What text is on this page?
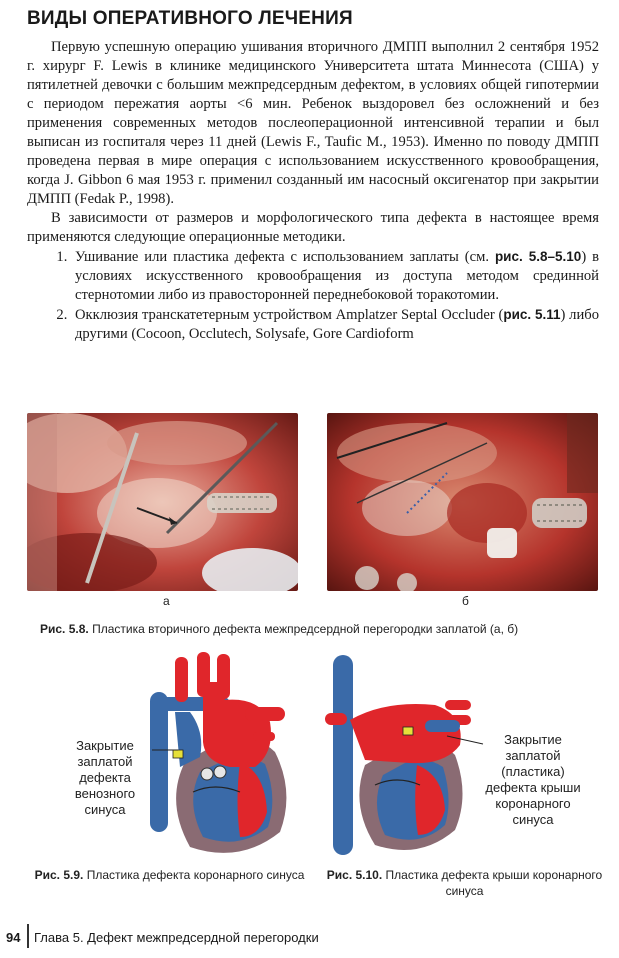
ВИДЫ ОПЕРАТИВНОГО ЛЕЧЕНИЯ

Первую успешную операцию ушивания вторичного ДМПП выполнил 2 сентября 1952 г. хирург F. Lewis в клинике медицинского Университета штата Миннесота (США) у пятилетней девочки с большим межпредсердным дефектом, в условиях общей гипотермии с периодом пережатия аорты <6 мин. Ребенок выздоровел без осложнений и без применения современных методов послеоперационной интенсивной терапии и был выписан из госпиталя через 11 дней (Lewis F., Taufic M., 1953). Именно по поводу ДМПП проведена первая в мире операция с использованием искусственного кровообращения, когда J. Gibbon 6 мая 1953 г. применил созданный им насосный оксигенатор при закрытии ДМПП (Fedak P., 1998).

В зависимости от размеров и морфологического типа дефекта в настоящее время применяются следующие операционные методики.

1. Ушивание или пластика дефекта с использованием заплаты (см. рис. 5.8–5.10) в условиях искусственного кровообращения из доступа методом срединной стернотомии либо из правосторонней переднебоковой торакотомии.
2. Окклюзия транскатетерным устройством Amplatzer Septal Occluder (рис. 5.11) либо другими (Cocoon, Occlutech, Solysafe, Gore Cardioform
а	б
Рис. 5.8. Пластика вторичного дефекта межпредсердной перегородки заплатой (а, б)
Закрытие
заплатой
дефекта
венозного
синуса
Рис. 5.9. Пластика дефекта коронарного синуса
Закрытие
заплатой
(пластика)
дефекта крыши
коронарного
синуса
Рис. 5.10. Пластика дефекта крыши коронарного синуса
94 Глава 5. Дефект межпредсердной перегородки
